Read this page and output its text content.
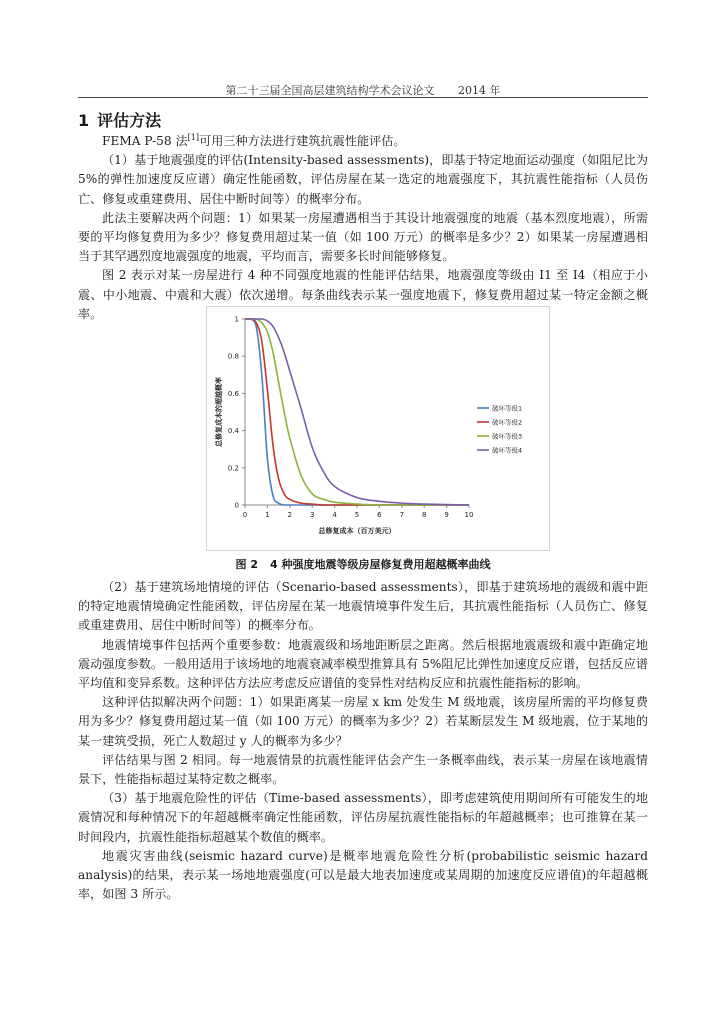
第二十三届全国高层建筑结构学术会议论文 2014 年
1 评估方法

FEMA P-58 法[1]可用三种方法进行建筑抗震性能评估。

（1）基于地震强度的评估(Intensity-based assessments)，即基于特定地面运动强度（如阻尼比为 5%的弹性加速度反应谱）确定性能函数，评估房屋在某一选定的地震强度下，其抗震性能指标（人员伤亡、修复或重建费用、居住中断时间等）的概率分布。

此法主要解决两个问题：1）如果某一房屋遭遇相当于其设计地震强度的地震（基本烈度地震），所需要的平均修复费用为多少？修复费用超过某一值（如 100 万元）的概率是多少？2）如果某一房屋遭遇相当于其罕遇烈度地震强度的地震，平均而言，需要多长时间能够修复。

图 2 表示对某一房屋进行 4 种不同强度地震的性能评估结果，地震强度等级由 I1 至 I4（相应于小震、中小地震、中震和大震）依次递增。每条曲线表示某一强度地震下，修复费用超过某一特定金额之概率。

0	1	2	3	4	5	6	7	8	9 10
0
0.2
0.4
0.6
0.8
1
总修复成本（百万美元）
总修复成本的超越概率	破坏等级1
破坏等级2
破坏等级3
破坏等级4
图 2 4 种强度地震等级房屋修复费用超越概率曲线

（2）基于建筑场地情境的评估（Scenario-based assessments），即基于建筑场地的震级和震中距的特定地震情境确定性能函数，评估房屋在某一地震情境事件发生后，其抗震性能指标（人员伤亡、修复或重建费用、居住中断时间等）的概率分布。

地震情境事件包括两个重要参数：地震震级和场地距断层之距离。然后根据地震震级和震中距确定地震动强度参数。一般用适用于该场地的地震衰减率模型推算具有 5%阻尼比弹性加速度反应谱，包括反应谱平均值和变异系数。这种评估方法应考虑反应谱值的变异性对结构反应和抗震性能指标的影响。

这种评估拟解决两个问题：1）如果距离某一房屋 x km 处发生 M 级地震，该房屋所需的平均修复费用为多少？修复费用超过某一值（如 100 万元）的概率为多少？2）若某断层发生 M 级地震，位于某地的某一建筑受损，死亡人数超过 y 人的概率为多少？

评估结果与图 2 相同。每一地震情景的抗震性能评估会产生一条概率曲线，表示某一房屋在该地震情景下，性能指标超过某特定数之概率。

（3）基于地震危险性的评估（Time-based assessments），即考虑建筑使用期间所有可能发生的地震情况和每种情况下的年超越概率确定性能函数，评估房屋抗震性能指标的年超越概率；也可推算在某一时间段内，抗震性能指标超越某个数值的概率。

地震灾害曲线(seismic hazard curve)是概率地震危险性分析(probabilistic seismic hazard analysis)的结果，表示某一场地地震强度(可以是最大地表加速度或某周期的加速度反应谱值)的年超越概率，如图 3 所示。
